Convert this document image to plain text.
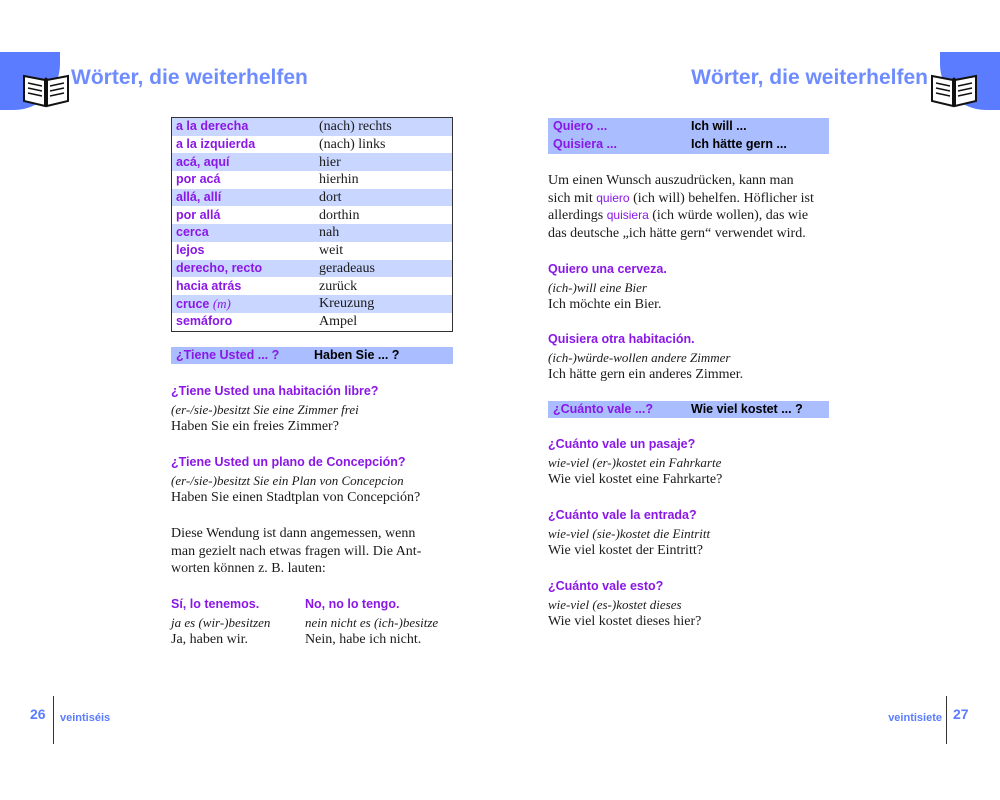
Wörter, die weiterhelfen
a la derecha	(nach) rechts
a la izquierda	(nach) links
acá, aquí	hier
por acá	hierhin
allá, allí	dort
por allá	dorthin
cerca	nah
lejos	weit
derecho, recto	geradeaus
hacia atrás	zurück
cruce (m)	Kreuzung
semáforo	Ampel
¿Tiene Usted ... ?	Haben Sie ... ?
¿Tiene Usted una habitación libre?
(er-/sie-)besitzt Sie eine Zimmer frei
Haben Sie ein freies Zimmer?
¿Tiene Usted un plano de Concepción?
(er-/sie-)besitzt Sie ein Plan von Concepcion
Haben Sie einen Stadtplan von Concepción?
Diese Wendung ist dann angemessen, wenn
man gezielt nach etwas fragen will. Die Ant-
worten können z. B. lauten:
Sí, lo tenemos.
ja es (wir-)besitzen
Ja, haben wir.
No, no lo tengo.
nein nicht es (ich-)besitze
Nein, habe ich nicht.
26 veintiséis
Wörter, die weiterhelfen
Quiero ...	Ich will ...
Quisiera ...	Ich hätte gern ...
Um einen Wunsch auszudrücken, kann man
sich mit quiero (ich will) behelfen. Höflicher ist
allerdings quisiera (ich würde wollen), das wie
das deutsche „ich hätte gern“ verwendet wird.
Quiero una cerveza.
(ich-)will eine Bier
Ich möchte ein Bier.
Quisiera otra habitación.
(ich-)würde-wollen andere Zimmer
Ich hätte gern ein anderes Zimmer.
¿Cuánto vale ...?	Wie viel kostet ... ?
¿Cuánto vale un pasaje?
wie-viel (er-)kostet ein Fahrkarte
Wie viel kostet eine Fahrkarte?
¿Cuánto vale la entrada?
wie-viel (sie-)kostet die Eintritt
Wie viel kostet der Eintritt?
¿Cuánto vale esto?
wie-viel (es-)kostet dieses
Wie viel kostet dieses hier?
veintisiete 27
